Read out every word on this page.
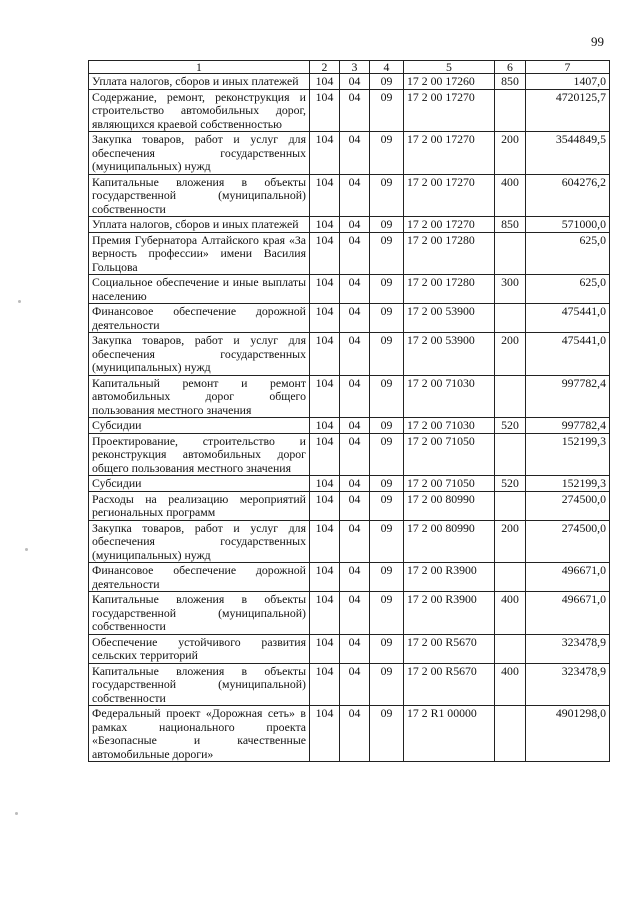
99
1	2	3	4	5	6	7
Уплата налогов, сборов и иных платежей	104	04	09	17 2 00 17260	850	1407,0
Содержание, ремонт, реконструкция и строительство автомобильных дорог, являющихся краевой собственностью	104	04	09	17 2 00 17270		4720125,7
Закупка товаров, работ и услуг для обеспечения государственных (муниципальных) нужд	104	04	09	17 2 00 17270	200	3544849,5
Капитальные вложения в объекты государственной (муниципальной) собственности	104	04	09	17 2 00 17270	400	604276,2
Уплата налогов, сборов и иных платежей	104	04	09	17 2 00 17270	850	571000,0
Премия Губернатора Алтайского края «За верность профессии» имени Василия Гольцова	104	04	09	17 2 00 17280		625,0
Социальное обеспечение и иные выплаты населению	104	04	09	17 2 00 17280	300	625,0
Финансовое обеспечение дорожной деятельности	104	04	09	17 2 00 53900		475441,0
Закупка товаров, работ и услуг для обеспечения государственных (муниципальных) нужд	104	04	09	17 2 00 53900	200	475441,0
Капитальный ремонт и ремонт автомобильных дорог общего пользования местного значения	104	04	09	17 2 00 71030		997782,4
Субсидии	104	04	09	17 2 00 71030	520	997782,4
Проектирование, строительство и реконструкция автомобильных дорог общего пользования местного значения	104	04	09	17 2 00 71050		152199,3
Субсидии	104	04	09	17 2 00 71050	520	152199,3
Расходы на реализацию мероприятий региональных программ	104	04	09	17 2 00 80990		274500,0
Закупка товаров, работ и услуг для обеспечения государственных (муниципальных) нужд	104	04	09	17 2 00 80990	200	274500,0
Финансовое обеспечение дорожной деятельности	104	04	09	17 2 00 R3900		496671,0
Капитальные вложения в объекты государственной (муниципальной) собственности	104	04	09	17 2 00 R3900	400	496671,0
Обеспечение устойчивого развития сельских территорий	104	04	09	17 2 00 R5670		323478,9
Капитальные вложения в объекты государственной (муниципальной) собственности	104	04	09	17 2 00 R5670	400	323478,9
Федеральный проект «Дорожная сеть» в рамках национального проекта «Безопасные и качественные автомобильные дороги»	104	04	09	17 2 R1 00000		4901298,0
